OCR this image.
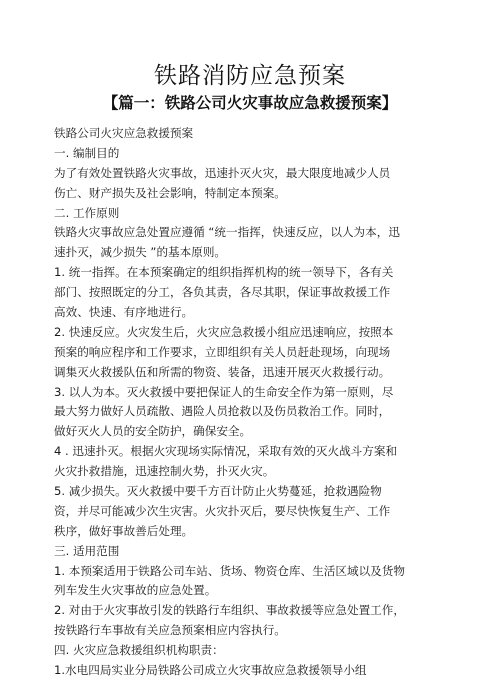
铁路消防应急预案
【篇一：铁路公司火灾事故应急救援预案】
铁路公司火灾应急救援预案
一. 编制目的
为了有效处置铁路火灾事故，迅速扑灭火灾，最大限度地减少人员
伤亡、财产损失及社会影响，特制定本预案。
二. 工作原则
铁路火灾事故应急处置应遵循 “统一指挥，快速反应，以人为本，迅
速扑灭，减少损失 ”的基本原则。
1. 统一指挥。在本预案确定的组织指挥机构的统一领导下，各有关
部门、按照既定的分工，各负其责，各尽其职，保证事故救援工作
高效、快速、有序地进行。
2. 快速反应。火灾发生后，火灾应急救援小组应迅速响应，按照本
预案的响应程序和工作要求，立即组织有关人员赶赴现场，向现场
调集灭火救援队伍和所需的物资、装备，迅速开展灭火救援行动。
3. 以人为本。灭火救援中要把保证人的生命安全作为第一原则，尽
最大努力做好人员疏散、遇险人员抢救以及伤员救治工作。同时，
做好灭火人员的安全防护，确保安全。
4 . 迅速扑灭。根据火灾现场实际情况，采取有效的灭火战斗方案和
火灾扑救措施，迅速控制火势，扑灭火灾。
5. 减少损失。灭火救援中要千方百计防止火势蔓延，抢救遇险物
资，并尽可能减少次生灾害。火灾扑灭后，要尽快恢复生产、工作
秩序，做好事故善后处理。
三. 适用范围
1. 本预案适用于铁路公司车站、货场、物资仓库、生活区域以及货物
列车发生火灾事故的应急处置。
2. 对由于火灾事故引发的铁路行车组织、事故救援等应急处置工作，
按铁路行车事故有关应急预案相应内容执行。
四. 火灾应急救援组织机构职责：
1.水电四局实业分局铁路公司成立火灾事故应急救援领导小组
